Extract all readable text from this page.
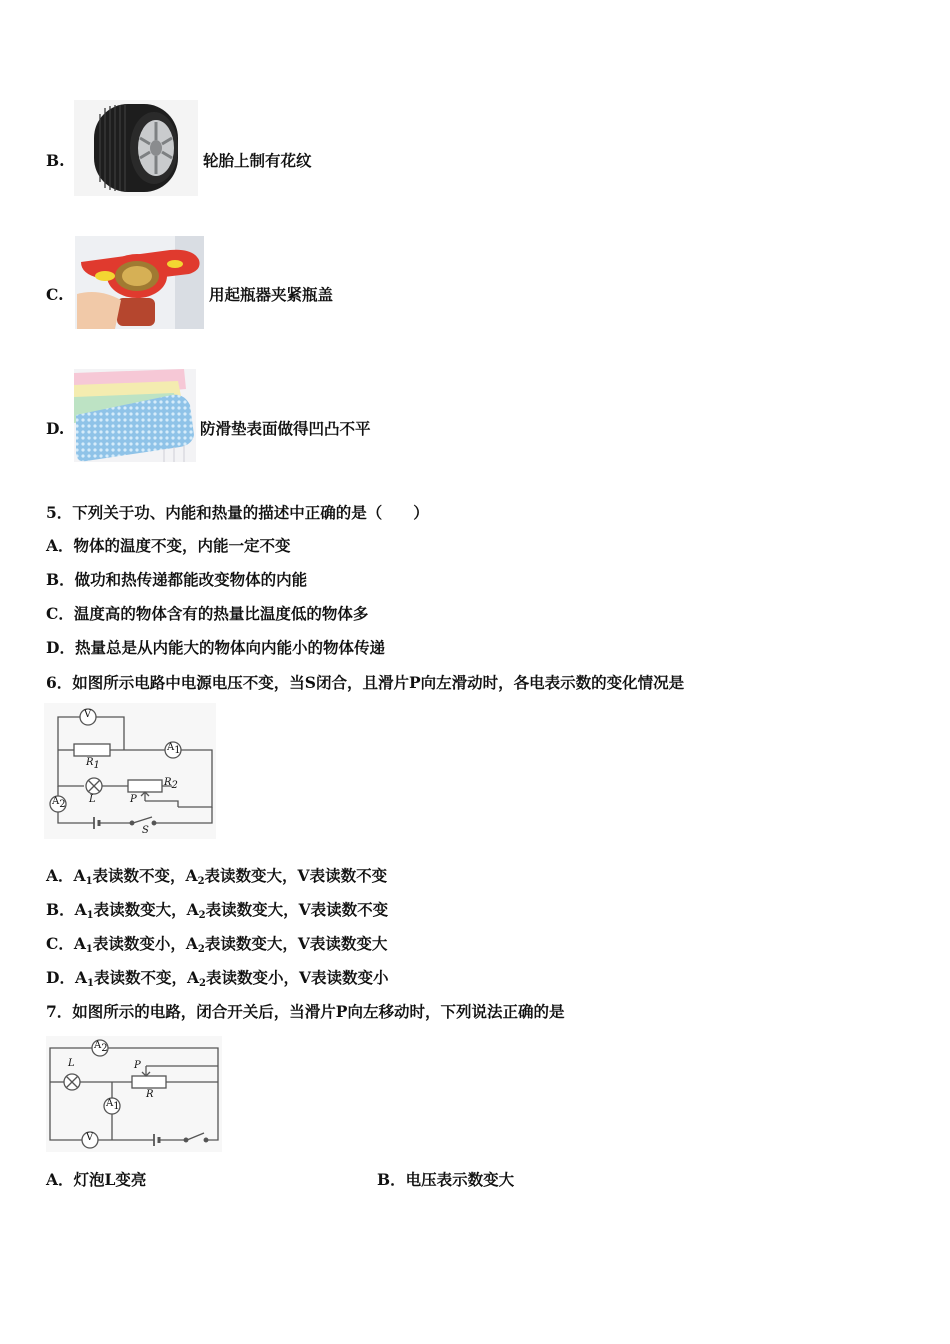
B.	轮胎上制有花纹
C.	用起瓶器夹紧瓶盖
D.	防滑垫表面做得凹凸不平
5．下列关于功、内能和热量的描述中正确的是（　　）
A．物体的温度不变，内能一定不变
B．做功和热传递都能改变物体的内能
C．温度高的物体含有的热量比温度低的物体多
D．热量总是从内能大的物体向内能小的物体传递
6．如图所示电路中电源电压不变，当S闭合，且滑片P向左滑动时，各电表示数的变化情况是
V
$A_1$
$A_2$
$R_1$
$R_2$
L	P
S
A．$A_1$表读数不变，$A_2$表读数变大，V表读数不变
B．$A_1$表读数变大，$A_2$表读数变大，V表读数不变
C．$A_1$表读数变小，$A_2$表读数变大，V表读数变大
D．$A_1$表读数不变，$A_2$表读数变小，V表读数变小
7．如图所示的电路，闭合开关后，当滑片P向左移动时，下列说法正确的是
$A_2$
$A_1$
V
L	P
R
A．灯泡L变亮	B．电压表示数变大
